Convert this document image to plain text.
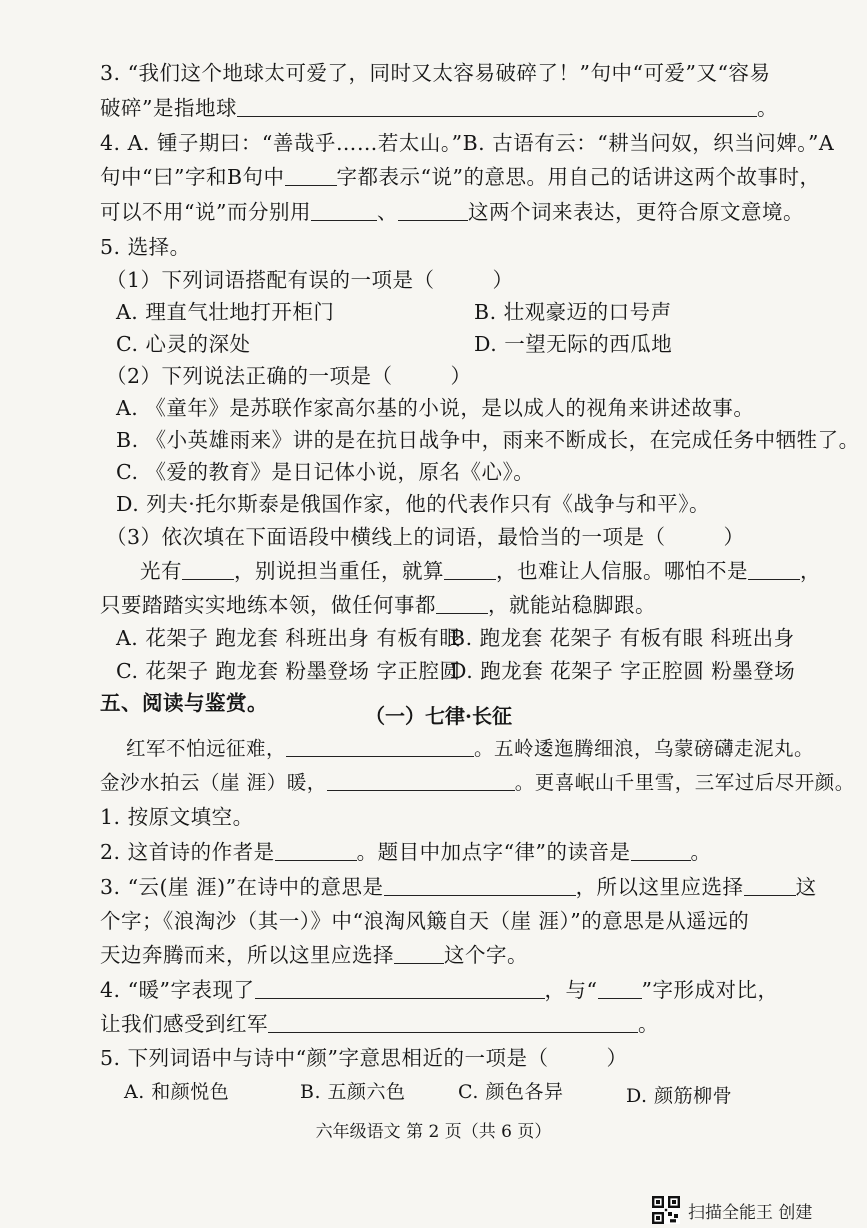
3. “我们这个地球太可爱了，同时又太容易破碎了！”句中“可爱”又“容易
破碎”是指地球	。
4. A. 锺子期曰：“善哉乎……若太山。”B. 古语有云：“耕当问奴，织当问婢。”A
句中“曰”字和B句中	字都表示“说”的意思。用自己的话讲这两个故事时，
可以不用“说”而分别用	、	这两个词来表达，更符合原文意境。
5. 选择。
（1）下列词语搭配有误的一项是（	）
A. 理直气壮地打开柜门	B. 壮观豪迈的口号声
C. 心灵的深处	D. 一望无际的西瓜地
（2）下列说法正确的一项是（	）
A. 《童年》是苏联作家高尔基的小说，是以成人的视角来讲述故事。
B. 《小英雄雨来》讲的是在抗日战争中，雨来不断成长，在完成任务中牺牲了。
C. 《爱的教育》是日记体小说，原名《心》。
D. 列夫·托尔斯泰是俄国作家，他的代表作只有《战争与和平》。
（3）依次填在下面语段中横线上的词语，最恰当的一项是（	）
光有	，别说担当重任，就算	，也难让人信服。哪怕不是	，
只要踏踏实实地练本领，做任何事都	，就能站稳脚跟。
A. 花架子 跑龙套 科班出身 有板有眼
B. 跑龙套 花架子 有板有眼 科班出身
C. 花架子 跑龙套 粉墨登场 字正腔圆
D. 跑龙套 花架子 字正腔圆 粉墨登场
五、阅读与鉴赏。
（一）七律·长征
红军不怕远征难，	。五岭逶迤腾细浪，乌蒙磅礴走泥丸。
金沙水拍云（崖 涯）暖，	。更喜岷山千里雪，三军过后尽开颜。
1. 按原文填空。
2. 这首诗的作者是	。题目中加点字“律”的读音是	。
3. “云(崖 涯)”在诗中的意思是	，所以这里应选择	这
个字；《浪淘沙（其一）》中“浪淘风簸自天（崖 涯）”的意思是从遥远的
天边奔腾而来，所以这里应选择 这个字。
4. “暖”字表现了	，与“ ”字形成对比，
让我们感受到红军	。
5. 下列词语中与诗中“颜”字意思相近的一项是（	）
A. 和颜悦色	B. 五颜六色	C. 颜色各异	D. 颜筋柳骨
六年级语文 第 2 页（共 6 页）
扫描全能王 创建
